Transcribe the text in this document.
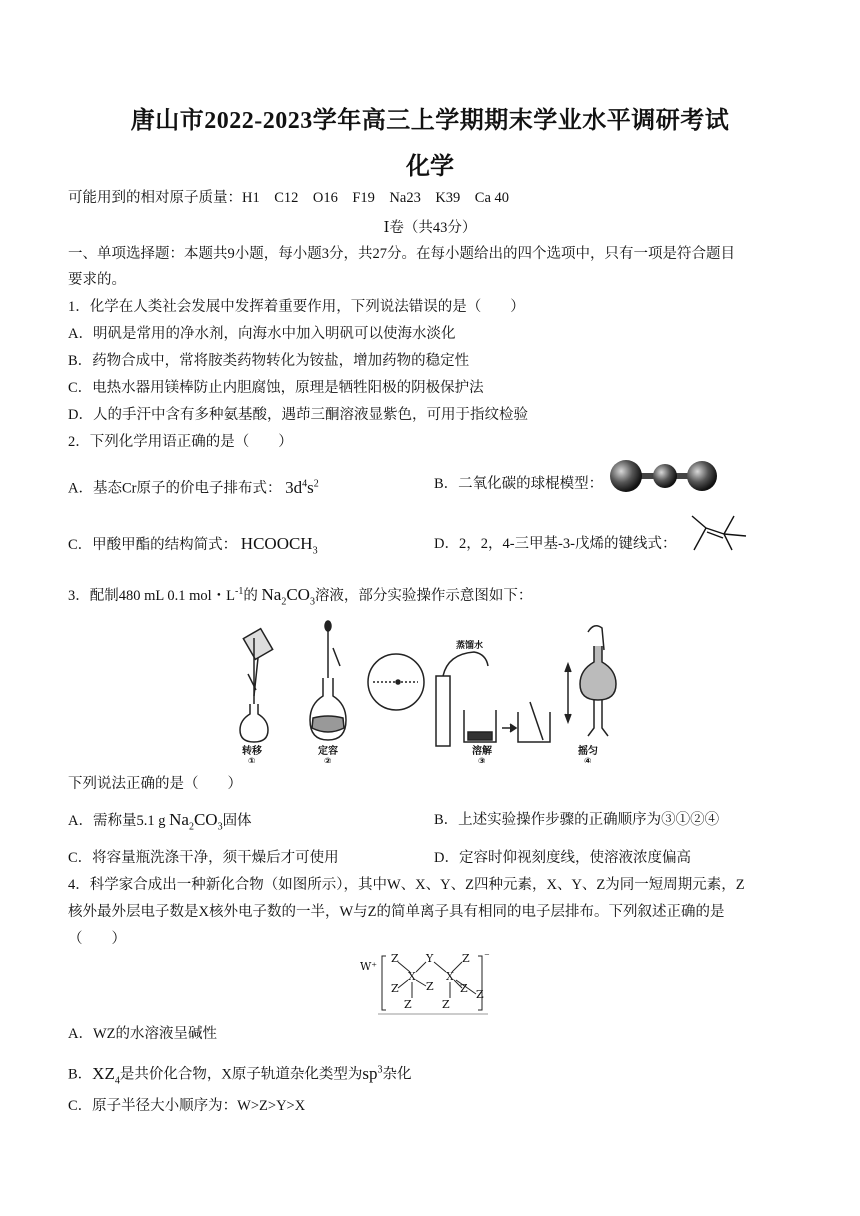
唐山市2022-2023学年高三上学期期末学业水平调研考试
化学
可能用到的相对原子质量：H1　C12　O16　F19　Na23　K39　Ca 40
Ⅰ卷（共43分）
一、单项选择题：本题共9小题，每小题3分，共27分。在每小题给出的四个选项中，只有一项是符合题目
要求的。
1．化学在人类社会发展中发挥着重要作用，下列说法错误的是（　　）
A．明矾是常用的净水剂，向海水中加入明矾可以使海水淡化
B．药物合成中，常将胺类药物转化为铵盐，增加药物的稳定性
C．电热水器用镁棒防止内胆腐蚀，原理是牺牲阳极的阴极保护法
D．人的手汗中含有多种氨基酸，遇茚三酮溶液显紫色，可用于指纹检验
2．下列化学用语正确的是（　　）
A．基态Cr原子的价电子排布式： $3d^4s^2$	B．二氧化碳的球棍模型：
C．甲酸甲酯的结构简式： $HCOOCH_3$	D．2，2，4-三甲基-3-戊烯的键线式：
3．配制480 mL 0.1 mol・$L^{-1}$的 $Na_2CO_3$溶液，部分实验操作示意图如下：
转移
①
定容
②
蒸馏水
溶解
③
摇匀
④
下列说法正确的是（　　）
A．需称量5.1 g $Na_2CO_3$固体	B．上述实验操作步骤的正确顺序为③①②④
C．将容量瓶洗涤干净，须干燥后才可使用	D．定容时仰视刻度线，使溶液浓度偏高
4．科学家合成出一种新化合物（如图所示），其中W、X、Y、Z四种元素，X、Y、Z为同一短周期元素，Z
核外最外层电子数是X核外电子数的一半，W与Z的简单离子具有相同的电子层排布。下列叙述正确的是
（　　）
W⁺
Z Y	Z
X	X
Z Z Z
Z	Z
Z
⁻
A．WZ的水溶液呈碱性
B．$XZ_4$是共价化合物，X原子轨道杂化类型为$sp^3$杂化
C．原子半径大小顺序为：W>Z>Y>X
